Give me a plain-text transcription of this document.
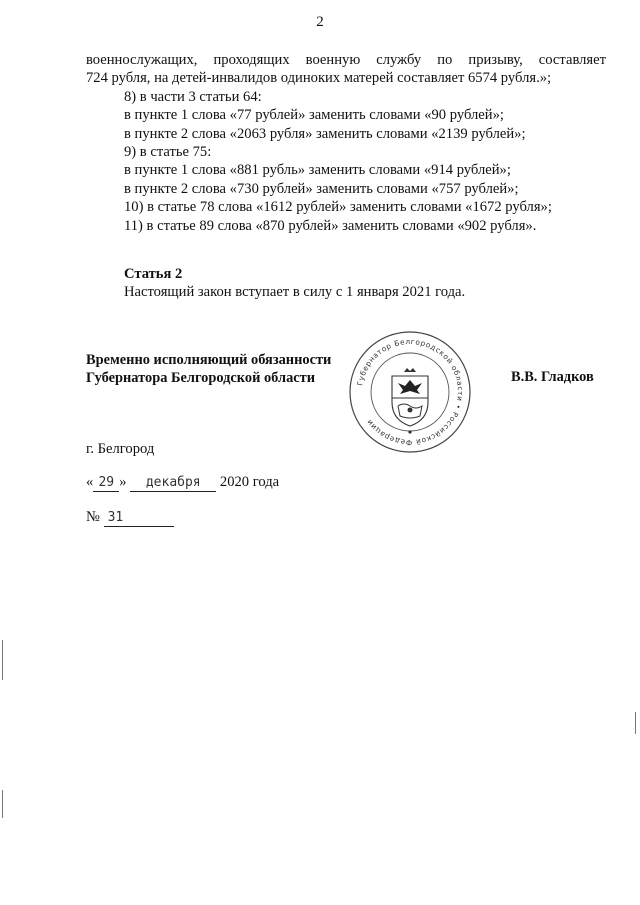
2

военнослужащих, проходящих военную службу по призыву, составляет

724 рубля, на детей-инвалидов одиноких матерей составляет 6574 рубля.»;

8) в части 3 статьи 64:

в пункте 1 слова «77 рублей» заменить словами «90 рублей»;

в пункте 2 слова «2063 рубля» заменить словами «2139 рублей»;

9) в статье 75:

в пункте 1 слова «881 рубль» заменить словами «914 рублей»;

в пункте 2 слова «730 рублей» заменить словами «757 рублей»;

10) в статье 78 слова «1612 рублей» заменить словами «1672 рубля»;

11) в статье 89 слова «870 рублей» заменить словами «902 рубля».

Статья 2

Настоящий закон вступает в силу с 1 января 2021 года.

Временно исполняющий обязанности
Губернатора Белгородской области	Губернатор Белгородской области • Российской Федерации
В.В. Гладков
г. Белгород
« 29 » декабря 2020 года
№ 31
